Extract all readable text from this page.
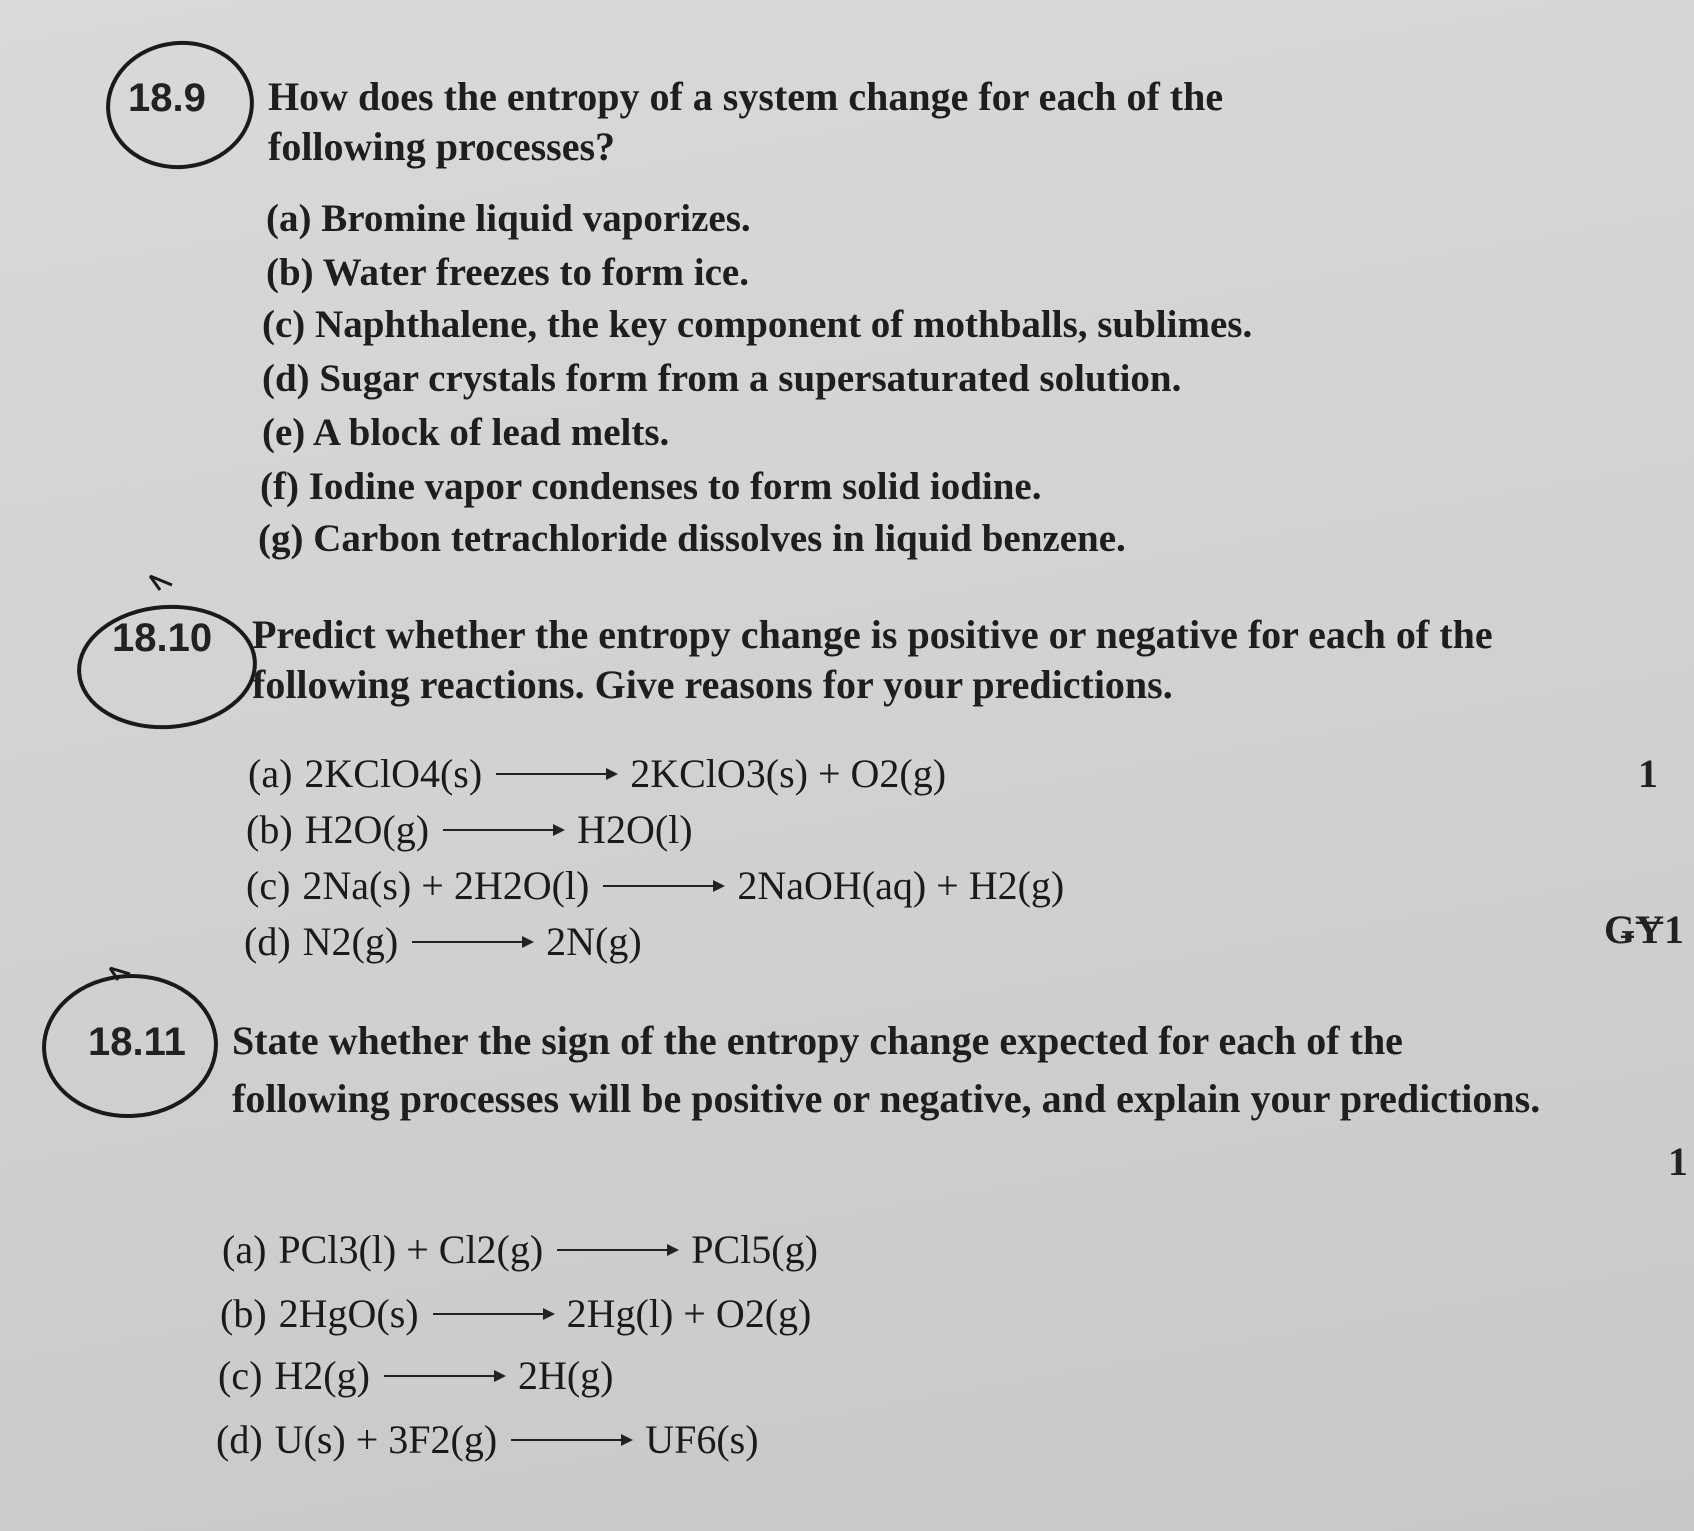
18.9 How does the entropy of a system change for each of the following processes?
(a) Bromine liquid vaporizes.
(b) Water freezes to form ice.
(c) Naphthalene, the key component of mothballs, sublimes.
(d) Sugar crystals form from a supersaturated solution.
(e) A block of lead melts.
(f) Iodine vapor condenses to form solid iodine.
(g) Carbon tetrachloride dissolves in liquid benzene.
18.10 Predict whether the entropy change is positive or negative for each of the following reactions. Give reasons for your predictions.
(a) 2KClO4(s) → 2KClO3(s) + O2(g)
(b) H2O(g) → H2O(l)
(c) 2Na(s) + 2H2O(l) → 2NaOH(aq) + H2(g)
(d) N2(g) → 2N(g)
18.11 State whether the sign of the entropy change expected for each of the following processes will be positive or negative, and explain your predictions.
(a) PCl3(l) + Cl2(g) → PCl5(g)
(b) 2HgO(s) → 2Hg(l) + O2(g)
(c) H2(g) → 2H(g)
(d) U(s) + 3F2(g) → UF6(s)
1
ǤɎ1
1
